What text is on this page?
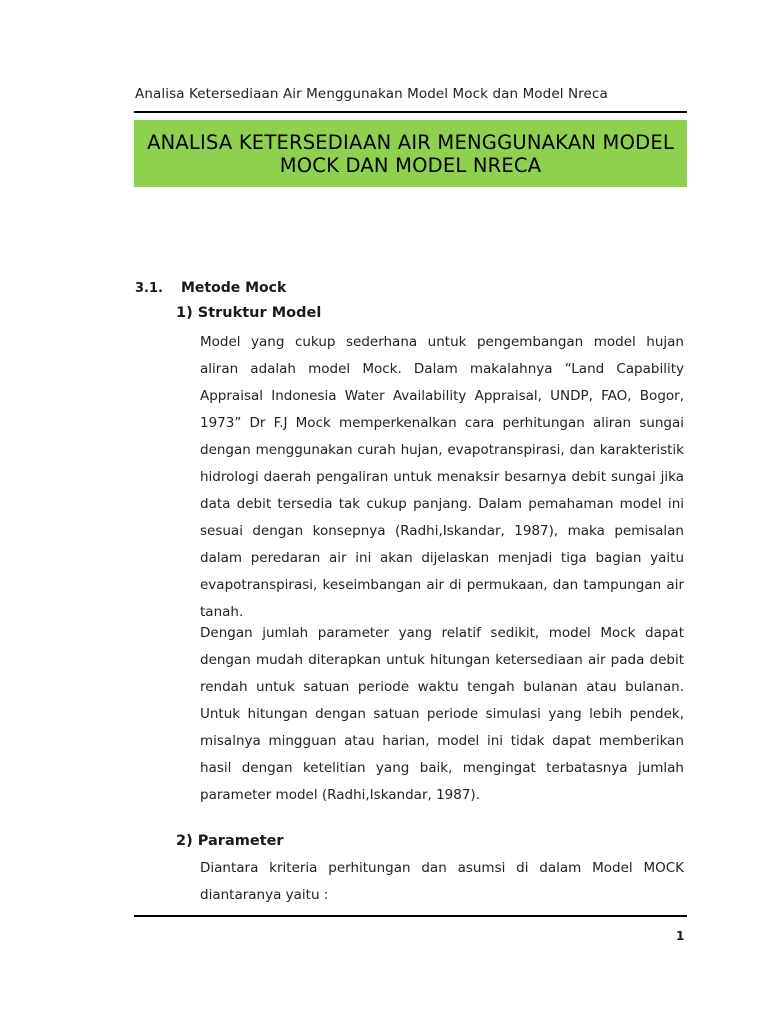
Analisa Ketersediaan Air Menggunakan Model Mock dan Model Nreca
ANALISA KETERSEDIAAN AIR MENGGUNAKAN MODEL
MOCK DAN MODEL NRECA
3.1. Metode Mock
1) Struktur Model
Model yang cukup sederhana untuk pengembangan model hujan
aliran adalah model Mock. Dalam makalahnya “Land Capability
Appraisal Indonesia Water Availability Appraisal, UNDP, FAO, Bogor,
1973” Dr F.J Mock memperkenalkan cara perhitungan aliran sungai
dengan menggunakan curah hujan, evapotranspirasi, dan karakteristik
hidrologi daerah pengaliran untuk menaksir besarnya debit sungai jika
data debit tersedia tak cukup panjang. Dalam pemahaman model ini
sesuai dengan konsepnya (Radhi,Iskandar, 1987), maka pemisalan
dalam peredaran air ini akan dijelaskan menjadi tiga bagian yaitu
evapotranspirasi, keseimbangan air di permukaan, dan tampungan air
tanah.
Dengan jumlah parameter yang relatif sedikit, model Mock dapat
dengan mudah diterapkan untuk hitungan ketersediaan air pada debit
rendah untuk satuan periode waktu tengah bulanan atau bulanan.
Untuk hitungan dengan satuan periode simulasi yang lebih pendek,
misalnya mingguan atau harian, model ini tidak dapat memberikan
hasil dengan ketelitian yang baik, mengingat terbatasnya jumlah
parameter model (Radhi,Iskandar, 1987).
2) Parameter
Diantara kriteria perhitungan dan asumsi di dalam Model MOCK
diantaranya yaitu :
1
